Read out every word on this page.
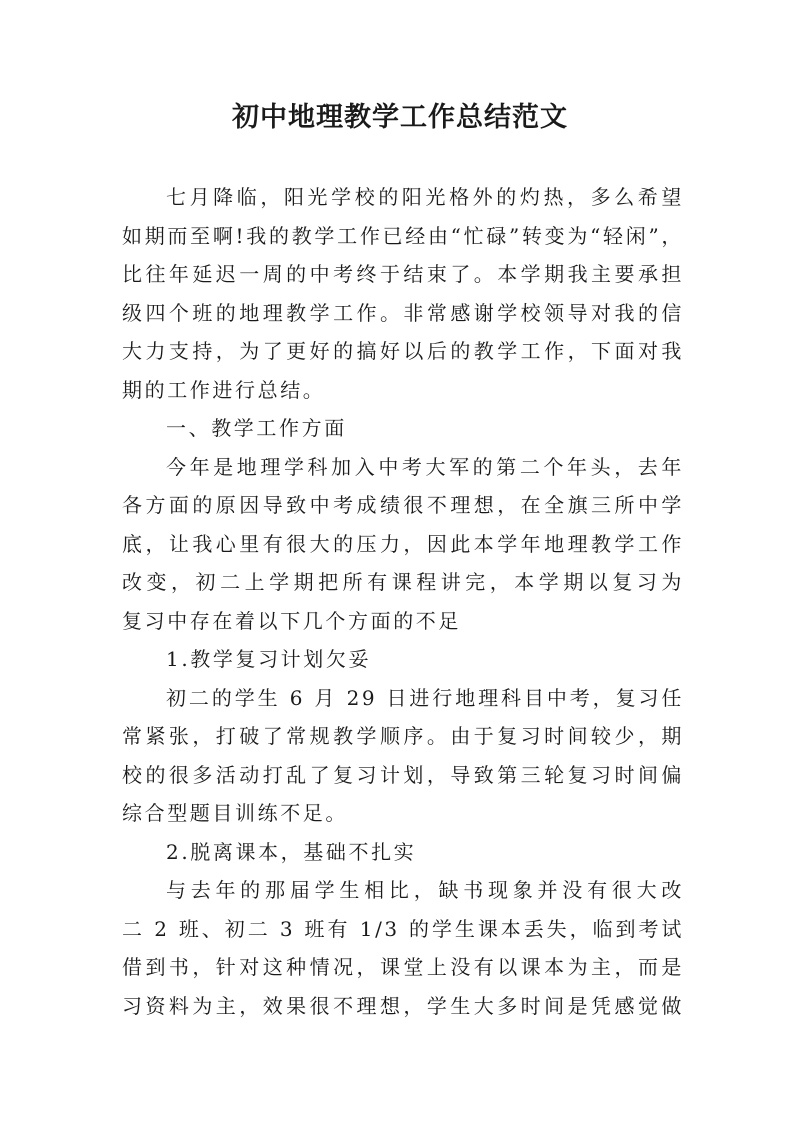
初中地理教学工作总结范文
七月降临，阳光学校的阳光格外的灼热，多么希望
如期而至啊!我的教学工作已经由“忙碌”转变为“轻闲”，
比往年延迟一周的中考终于结束了。本学期我主要承担
级四个班的地理教学工作。非常感谢学校领导对我的信
大力支持，为了更好的搞好以后的教学工作，下面对我
期的工作进行总结。
一、教学工作方面
今年是地理学科加入中考大军的第二个年头，去年
各方面的原因导致中考成绩很不理想，在全旗三所中学
底，让我心里有很大的压力，因此本学年地理教学工作
改变，初二上学期把所有课程讲完，本学期以复习为
复习中存在着以下几个方面的不足
1.教学复习计划欠妥
初二的学生 6 月 29 日进行地理科目中考，复习任
常紧张，打破了常规教学顺序。由于复习时间较少，期
校的很多活动打乱了复习计划，导致第三轮复习时间偏
综合型题目训练不足。
2.脱离课本，基础不扎实
与去年的那届学生相比，缺书现象并没有很大改
二 2 班、初二 3 班有 1/3 的学生课本丢失，临到考试
借到书，针对这种情况，课堂上没有以课本为主，而是
习资料为主，效果很不理想，学生大多时间是凭感觉做
